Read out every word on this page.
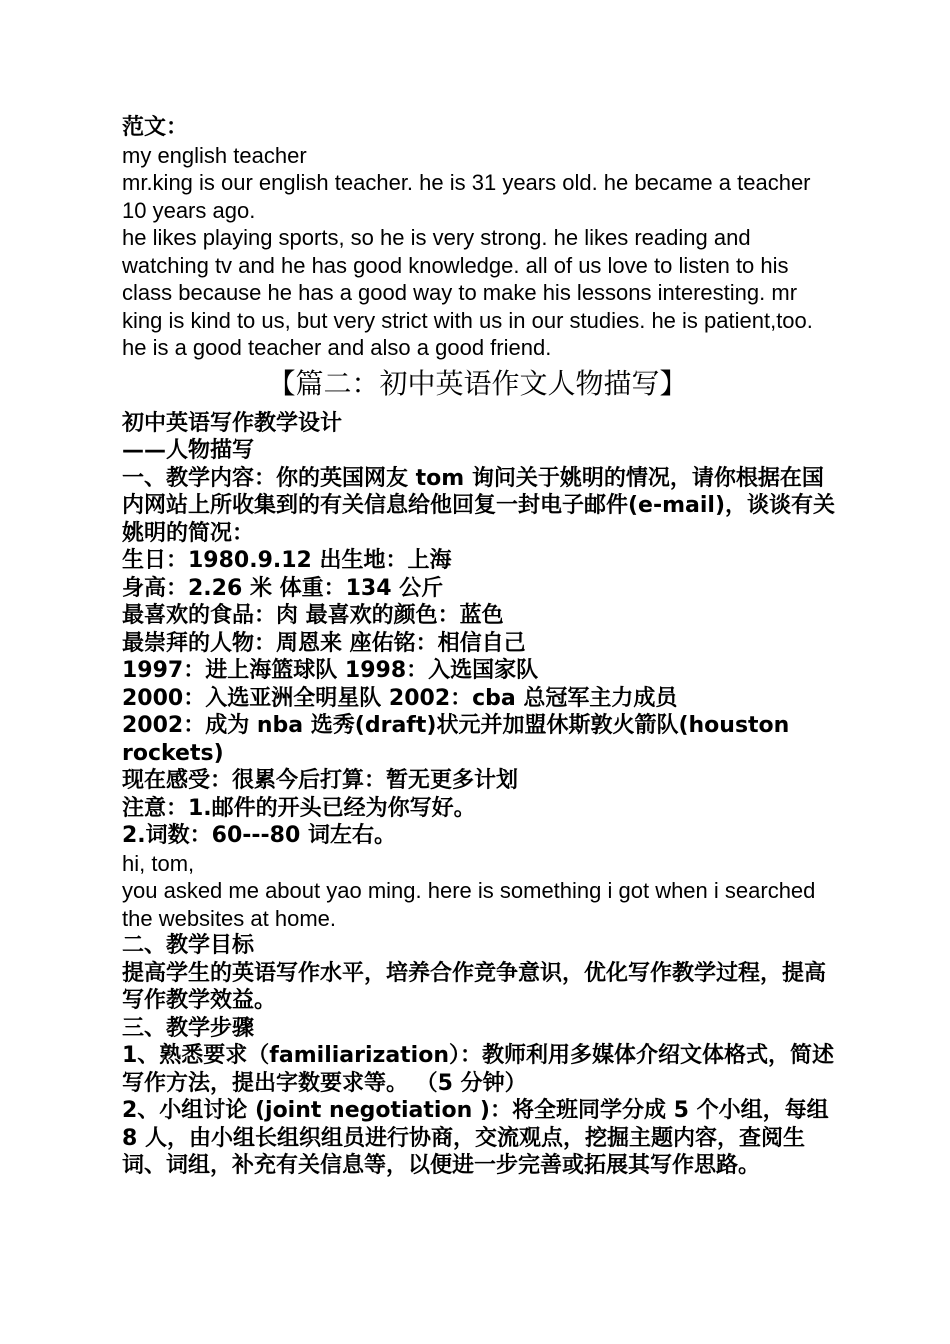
范文：

my english teacher

mr.king is our english teacher. he is 31 years old. he became a teacher 10 years ago.

he likes playing sports, so he is very strong. he likes reading and watching tv and he has good knowledge. all of us love to listen to his class because he has a good way to make his lessons interesting. mr king is kind to us, but very strict with us in our studies. he is patient,too. he is a good teacher and also a good friend.

【篇二：初中英语作文人物描写】

初中英语写作教学设计

——人物描写

一、教学内容：你的英国网友 tom 询问关于姚明的情况，请你根据在国内网站上所收集到的有关信息给他回复一封电子邮件(e-mail)，谈谈有关姚明的简况：

生日：1980.9.12 出生地：上海

身高：2.26 米 体重：134 公斤

最喜欢的食品：肉 最喜欢的颜色：蓝色

最崇拜的人物：周恩来 座佑铭：相信自己

1997：进上海篮球队 1998：入选国家队

2000：入选亚洲全明星队 2002：cba 总冠军主力成员

2002：成为 nba 选秀(draft)状元并加盟休斯敦火箭队(houston rockets)

现在感受：很累今后打算：暂无更多计划

注意：1.邮件的开头已经为你写好。

2.词数：60---80 词左右。

hi, tom,

you asked me about yao ming. here is something i got when i searched the websites at home.

二、教学目标

提高学生的英语写作水平，培养合作竞争意识，优化写作教学过程，提高写作教学效益。

三、教学步骤

1、熟悉要求（familiarization）：教师利用多媒体介绍文体格式，简述写作方法，提出字数要求等。 （5 分钟）

2、小组讨论 (joint negotiation )：将全班同学分成 5 个小组，每组 8 人，由小组长组织组员进行协商，交流观点，挖掘主题内容，查阅生词、词组，补充有关信息等，以便进一步完善或拓展其写作思路。
